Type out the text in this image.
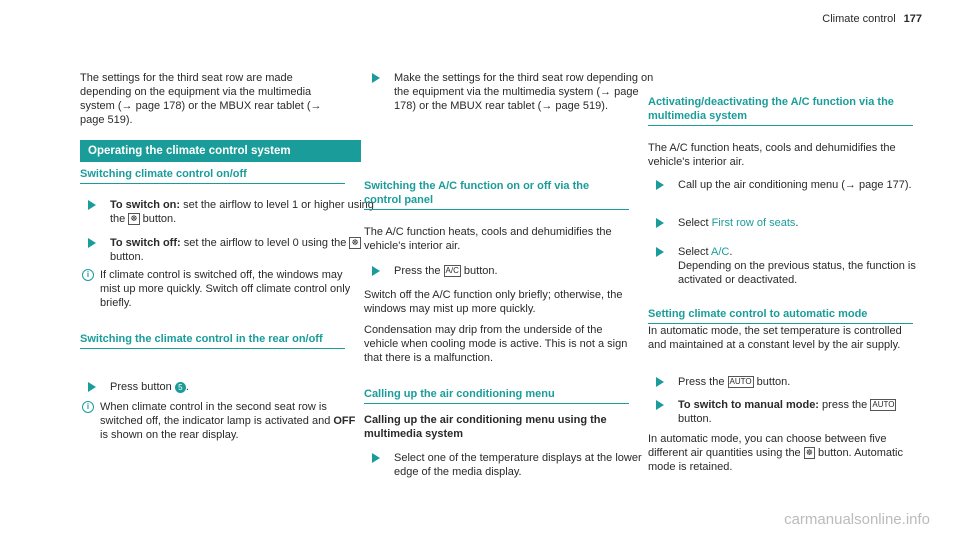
Climate control 177

The settings for the third seat row are made depending on the equipment via the multimedia system (→ page 178) or the MBUX rear tablet (→ page 519).

Operating the climate control system
Switching climate control on/off
To switch on: set the airflow to level 1 or higher using the ☸ button.
To switch off: set the airflow to level 0 using the ☸ button.
i If climate control is switched off, the windows may mist up more quickly. Switch off climate control only briefly.
Switching the climate control in the rear on/off
Press button 5 .
i When climate control in the second seat row is switched off, the indicator lamp is activated and OFF is shown on the rear display.
Make the settings for the third seat row depending on the equipment via the multimedia system (→ page 178) or the MBUX rear tablet (→ page 519).
Switching the A/C function on or off via the control panel

The A/C function heats, cools and dehumidifies the vehicle's interior air.

Press the A/C button.

Switch off the A/C function only briefly; otherwise, the windows may mist up more quickly.

Condensation may drip from the underside of the vehicle when cooling mode is active. This is not a sign that there is a malfunction.

Calling up the air conditioning menu

Calling up the air conditioning menu using the multimedia system

Select one of the temperature displays at the lower edge of the media display.
Activating/deactivating the A/C function via the multimedia system

The A/C function heats, cools and dehumidifies the vehicle's interior air.

Call up the air conditioning menu (→ page 177).
Select First row of seats.
Select A/C.
Depending on the previous status, the function is activated or deactivated.
Setting climate control to automatic mode

In automatic mode, the set temperature is controlled and maintained at a constant level by the air supply.

Press the AUTO button.
To switch to manual mode: press the AUTO
button.

In automatic mode, you can choose between five different air quantities using the ☸ button. Automatic mode is retained.

carmanualsonline.info
